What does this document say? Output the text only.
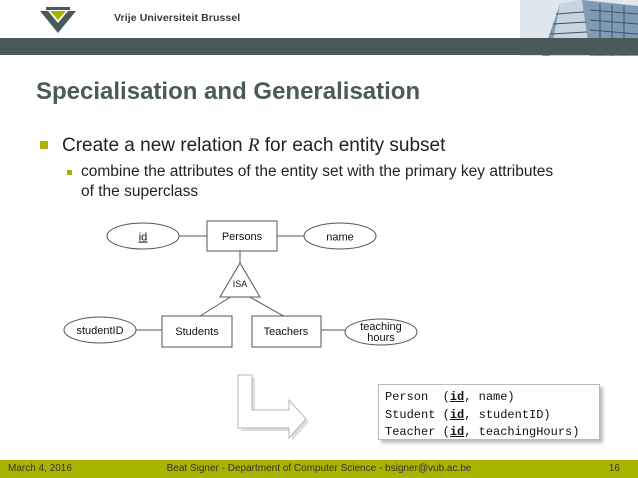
Vrije Universiteit Brussel
Specialisation and Generalisation
Create a new relation R for each entity subset
combine the attributes of the entity set with the primary key attributes of the superclass
id	Persons	name
ISA
Students	Teachers
studentID	teaching
hours
Person  (id, name)
Student (id, studentID)
Teacher (id, teachingHours)
March 4, 2016	Beat Signer - Department of Computer Science - bsigner@vub.ac.be	16
